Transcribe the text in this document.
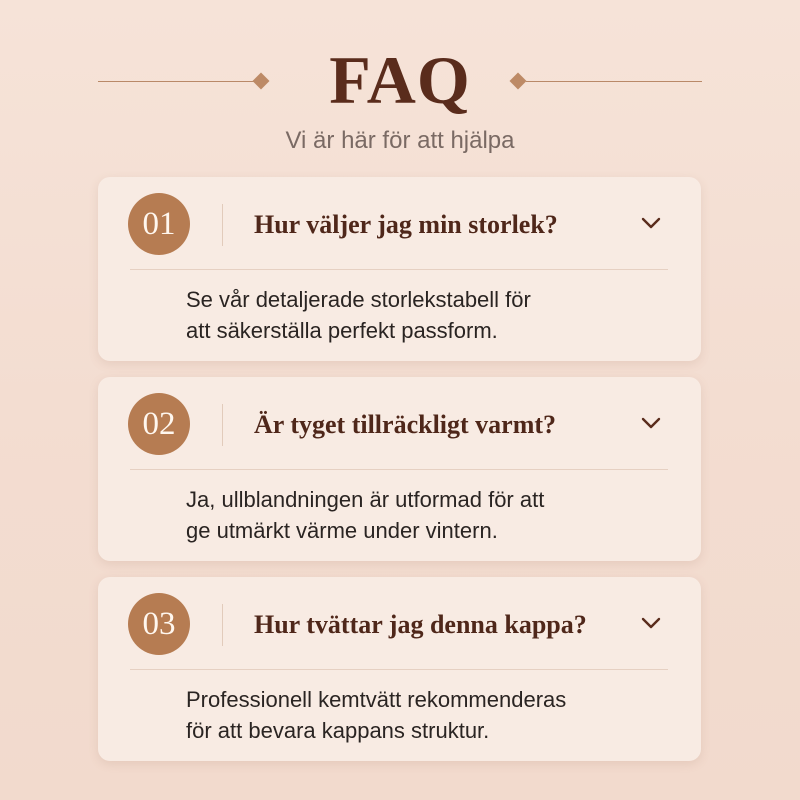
FAQ
Vi är här för att hjälpa
01	Hur väljer jag min storlek?
Se vår detaljerade storlekstabell för
att säkerställa perfekt passform.
02	Är tyget tillräckligt varmt?
Ja, ullblandningen är utformad för att
ge utmärkt värme under vintern.
03	Hur tvättar jag denna kappa?
Professionell kemtvätt rekommenderas
för att bevara kappans struktur.
